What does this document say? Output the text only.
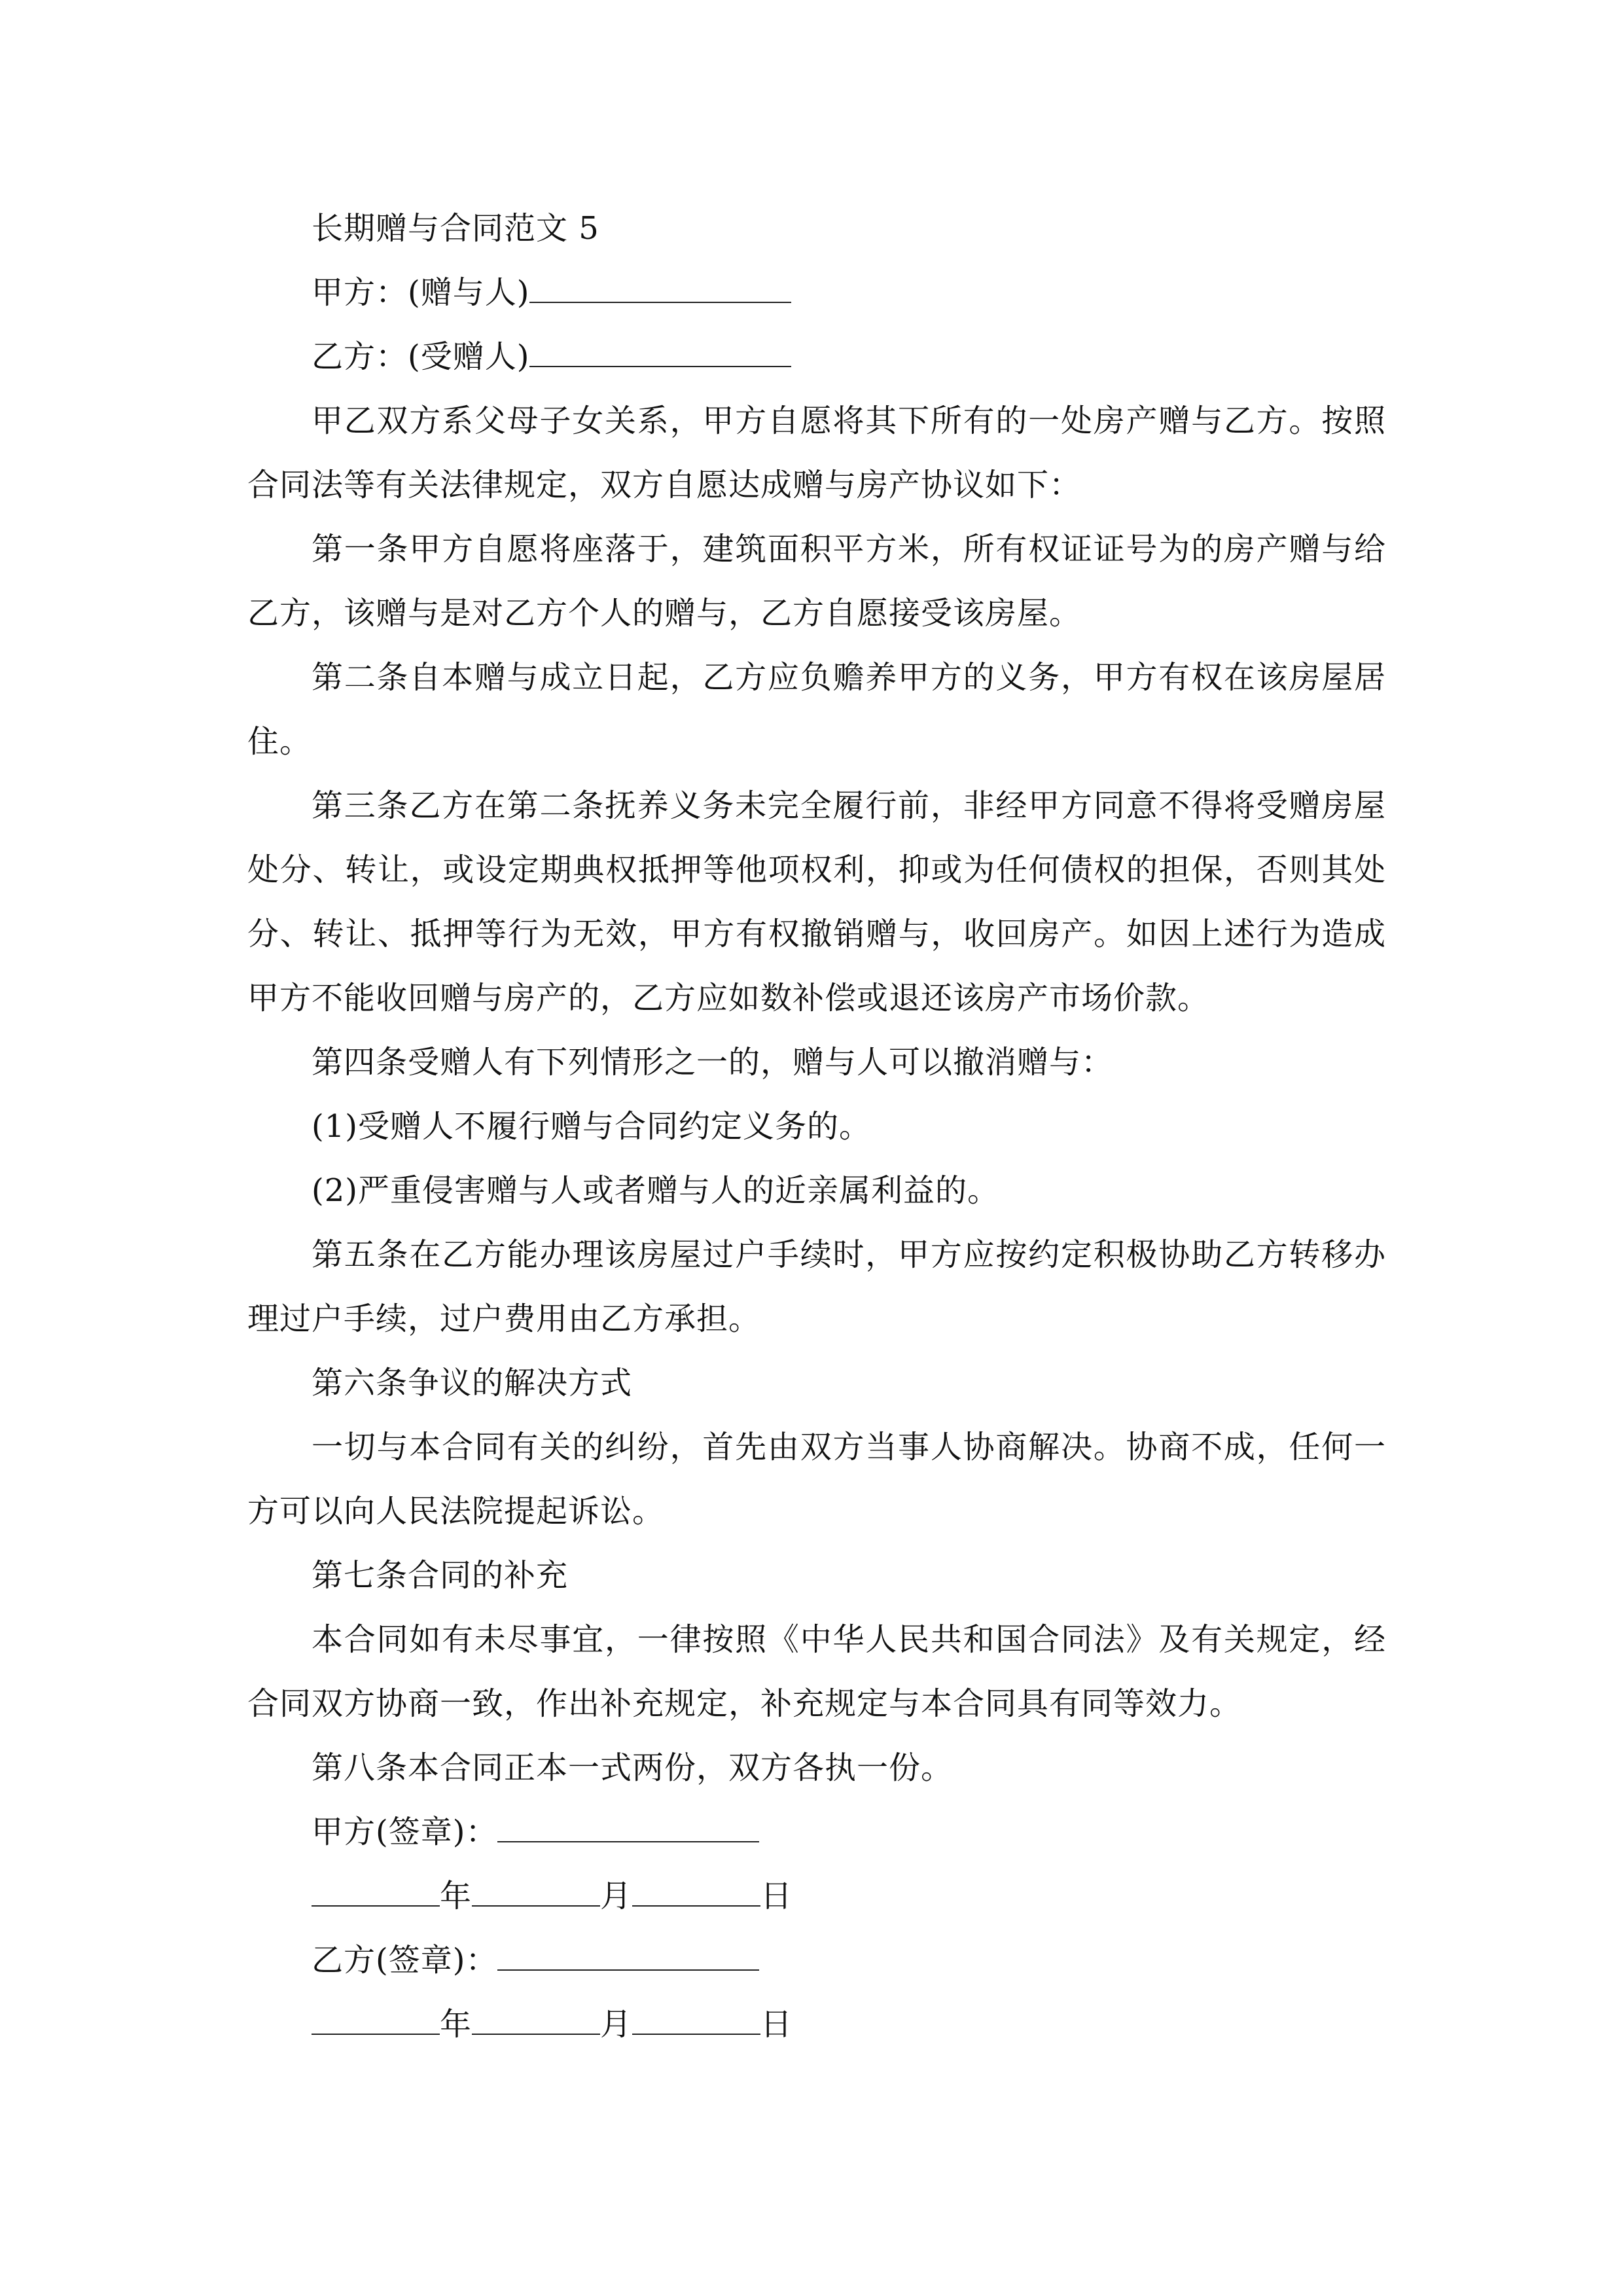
长期赠与合同范文 5
甲方：(赠与人)
乙方：(受赠人)
甲乙双方系父母子女关系，甲方自愿将其下所有的一处房产赠与乙方。按照合同法等有关法律规定，双方自愿达成赠与房产协议如下：
第一条甲方自愿将座落于，建筑面积平方米，所有权证证号为的房产赠与给乙方，该赠与是对乙方个人的赠与，乙方自愿接受该房屋。
第二条自本赠与成立日起，乙方应负赡养甲方的义务，甲方有权在该房屋居住。
第三条乙方在第二条抚养义务未完全履行前，非经甲方同意不得将受赠房屋处分、转让，或设定期典权抵押等他项权利，抑或为任何债权的担保，否则其处分、转让、抵押等行为无效，甲方有权撤销赠与，收回房产。如因上述行为造成甲方不能收回赠与房产的，乙方应如数补偿或退还该房产市场价款。
第四条受赠人有下列情形之一的，赠与人可以撤消赠与：
(1)受赠人不履行赠与合同约定义务的。
(2)严重侵害赠与人或者赠与人的近亲属利益的。
第五条在乙方能办理该房屋过户手续时，甲方应按约定积极协助乙方转移办理过户手续，过户费用由乙方承担。
第六条争议的解决方式
一切与本合同有关的纠纷，首先由双方当事人协商解决。协商不成，任何一方可以向人民法院提起诉讼。
第七条合同的补充
本合同如有未尽事宜，一律按照《中华人民共和国合同法》及有关规定，经合同双方协商一致，作出补充规定，补充规定与本合同具有同等效力。
第八条本合同正本一式两份，双方各执一份。
甲方(签章)：
年	月	日
乙方(签章)：
年	月	日
